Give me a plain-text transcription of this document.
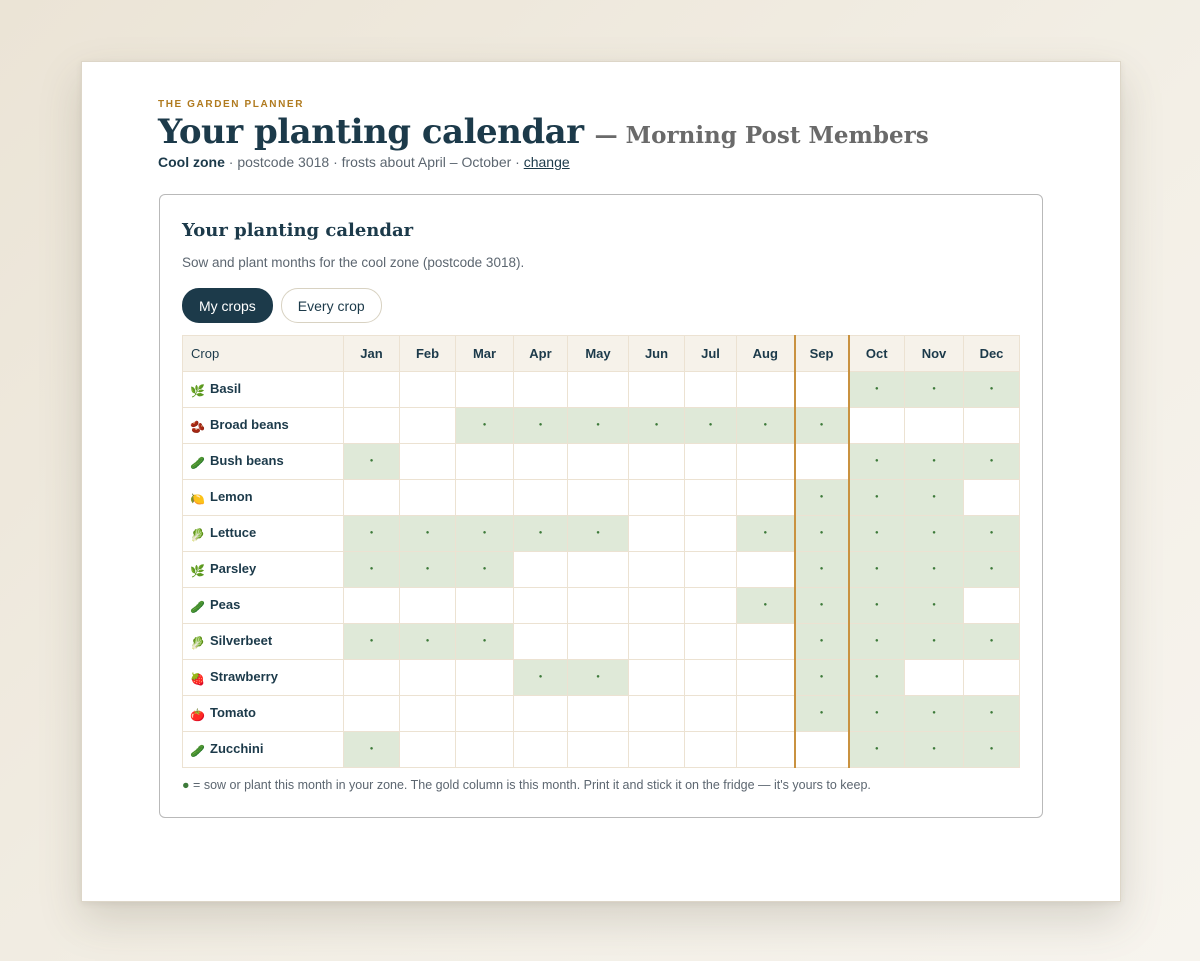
THE GARDEN PLANNER
Your planting calendar — Morning Post Members
Cool zone · postcode 3018 · frosts about April – October · change
Your planting calendar
Sow and plant months for the cool zone (postcode 3018).
My crops	Every crop
Crop	Jan	Feb	Mar	Apr	May	Jun	Jul	Aug	Sep	Oct	Nov	Dec
🌿 Basil										●	●	●
🫘 Broad beans			●	●	●	●	●	●	●			
🥒 Bush beans	●									●	●	●
🍋 Lemon									●	●	●	
🥬 Lettuce	●	●	●	●	●			●	●	●	●	●
🌿 Parsley	●	●	●						●	●	●	●
🥒 Peas								●	●	●	●	
🥬 Silverbeet	●	●	●						●	●	●	●
🍓 Strawberry				●	●				●	●		
🍅 Tomato									●	●	●	●
🥒 Zucchini	●									●	●	●
● = sow or plant this month in your zone. The gold column is this month. Print it and stick it on the fridge — it's yours to keep.
